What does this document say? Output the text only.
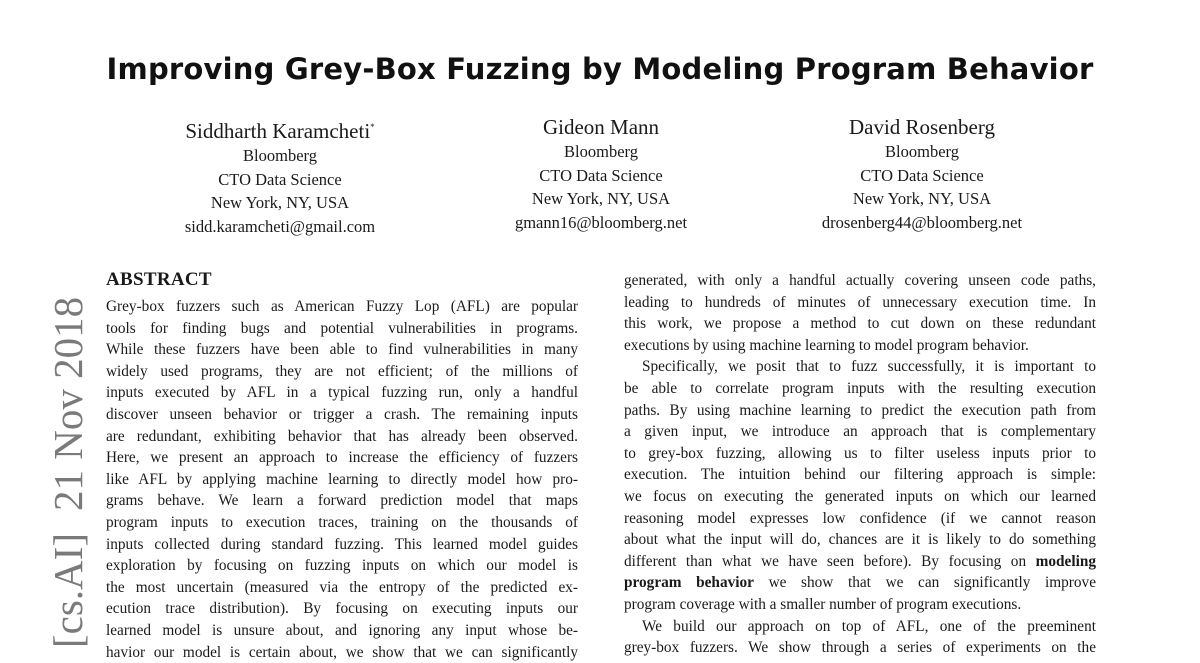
Improving Grey-Box Fuzzing by Modeling Program Behavior
Siddharth Karamcheti*
Bloomberg
CTO Data Science
New York, NY, USA
sidd.karamcheti@gmail.com
Gideon Mann
Bloomberg
CTO Data Science
New York, NY, USA
gmann16@bloomberg.net
David Rosenberg
Bloomberg
CTO Data Science
New York, NY, USA
drosenberg44@bloomberg.net
[cs.AI]21 Nov 2018
ABSTRACT
Grey-box fuzzers such as American Fuzzy Lop (AFL) are popular
tools for finding bugs and potential vulnerabilities in programs.
While these fuzzers have been able to find vulnerabilities in many
widely used programs, they are not efficient; of the millions of
inputs executed by AFL in a typical fuzzing run, only a handful
discover unseen behavior or trigger a crash. The remaining inputs
are redundant, exhibiting behavior that has already been observed.
Here, we present an approach to increase the efficiency of fuzzers
like AFL by applying machine learning to directly model how pro-
grams behave. We learn a forward prediction model that maps
program inputs to execution traces, training on the thousands of
inputs collected during standard fuzzing. This learned model guides
exploration by focusing on fuzzing inputs on which our model is
the most uncertain (measured via the entropy of the predicted ex-
ecution trace distribution). By focusing on executing inputs our
learned model is unsure about, and ignoring any input whose be-
havior our model is certain about, we show that we can significantly
generated, with only a handful actually covering unseen code paths,
leading to hundreds of minutes of unnecessary execution time. In
this work, we propose a method to cut down on these redundant
executions by using machine learning to model program behavior.
Specifically, we posit that to fuzz successfully, it is important to
be able to correlate program inputs with the resulting execution
paths. By using machine learning to predict the execution path from
a given input, we introduce an approach that is complementary
to grey-box fuzzing, allowing us to filter useless inputs prior to
execution. The intuition behind our filtering approach is simple:
we focus on executing the generated inputs on which our learned
reasoning model expresses low confidence (if we cannot reason
about what the input will do, chances are it is likely to do something
different than what we have seen before). By focusing on modeling
program behavior we show that we can significantly improve
program coverage with a smaller number of program executions.
We build our approach on top of AFL, one of the preeminent
grey-box fuzzers. We show through a series of experiments on the
